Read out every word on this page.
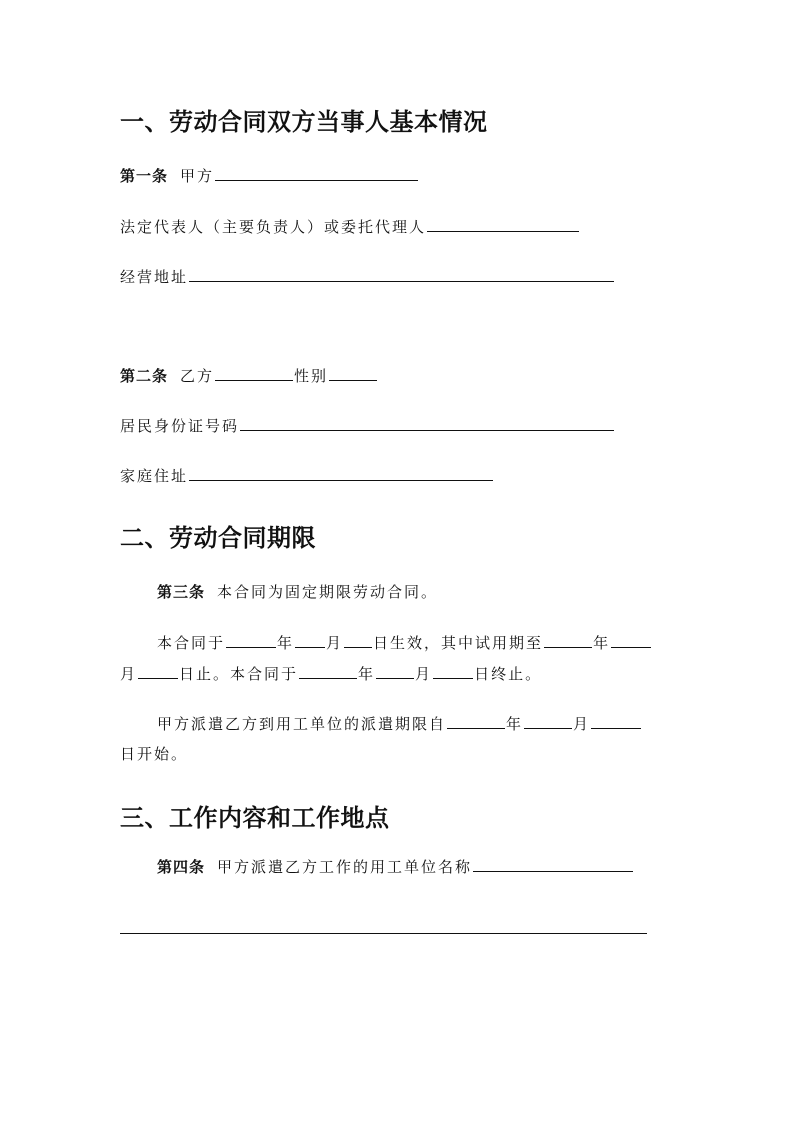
一、劳动合同双方当事人基本情况
第一条 甲方
法定代表人（主要负责人）或委托代理人
经营地址
第二条 乙方	性别
居民身份证号码
家庭住址
二、劳动合同期限
第三条 本合同为固定期限劳动合同。
本合同于	年 月 日生效，其中试用期至	年
月	日止。本合同于	年	月	日终止。
甲方派遣乙方到用工单位的派遣期限自	年	月
日开始。
三、工作内容和工作地点
第四条 甲方派遣乙方工作的用工单位名称
